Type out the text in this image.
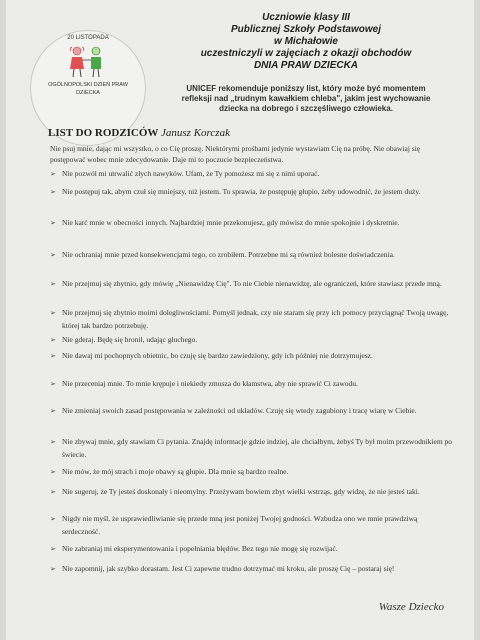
20 LISTOPADA
OGÓLNOPOLSKI DZIEŃ PRAW DZIECKA
Uczniowie klasy III
Publicznej Szkoły Podstawowej
w Michałowie
uczestniczyli w zajęciach z okazji obchodów
DNIA PRAW DZIECKA
UNICEF rekomenduje poniższy list, który może być momentem
refleksji nad „trudnym kawałkiem chleba", jakim jest wychowanie
dziecka na dobrego i szczęśliwego człowieka.
LIST DO RODZICÓW Janusz Korczak
Nie psuj mnie, dając mi wszystko, o co Cię proszę. Niektórymi prośbami jedynie wystawiam Cię na próbę. Nie obawiaj się postępować wobec mnie zdecydowanie. Daje mi to poczucie bezpieczeństwa.
➢ Nie pozwól mi utrwalić złych nawyków. Ufam, że Ty pomożesz mi się z nimi uporać.
➢ Nie postępuj tak, abym czuł się mniejszy, niż jestem. To sprawia, że postępuję głupio, żeby udowodnić, że jestem duży.
➢ Nie karć mnie w obecności innych. Najbardziej mnie przekonujesz, gdy mówisz do mnie spokojnie i dyskretnie.
➢ Nie ochraniaj mnie przed konsekwencjami tego, co zrobiłem. Potrzebne mi są również bolesne doświadczenia.
➢ Nie przejmuj się zbytnio, gdy mówię „Nienawidzę Cię". To nie Ciebie nienawidzę, ale ograniczeń, które stawiasz przede mną.
➢ Nie przejmuj się zbytnio moimi dolegliwościami. Pomyśl jednak, czy nie staram się przy ich pomocy przyciągnąć Twoją uwagę, której tak bardzo potrzebuję.
➢ Nie gderaj. Będę się bronił, udając głuchego.
➢ Nie dawaj mi pochopnych obietnic, bo czuję się bardzo zawiedziony, gdy ich później nie dotrzymujesz.
➢ Nie przeceniaj mnie. To mnie krępuje i niekiedy zmusza do kłamstwa, aby nie sprawić Ci zawodu.
➢ Nie zmieniaj swoich zasad postępowania w zależności od układów. Czuję się wtedy zagubiony i tracę wiarę w Ciebie.
➢ Nie zbywaj mnie, gdy stawiam Ci pytania. Znajdę informacje gdzie indziej, ale chciałbym, żebyś Ty był moim przewodnikiem po świecie.
➢ Nie mów, że mój strach i moje obawy są głupie. Dla mnie są bardzo realne.
➢ Nie sugeruj, że Ty jesteś doskonały i nieomylny. Przeżywam bowiem zbyt wielki wstrząs, gdy widzę, że nie jesteś taki.
➢ Nigdy nie myśl, że usprawiedliwianie się przede mną jest poniżej Twojej godności. Wzbudza ono we mnie prawdziwą serdeczność.
➢ Nie zabraniaj mi eksperymentowania i popełniania błędów. Bez tego nie mogę się rozwijać.
➢ Nie zapomnij, jak szybko dorastam. Jest Ci zapewne trudno dotrzymać mi kroku, ale proszę Cię – postaraj się!
Wasze Dziecko
